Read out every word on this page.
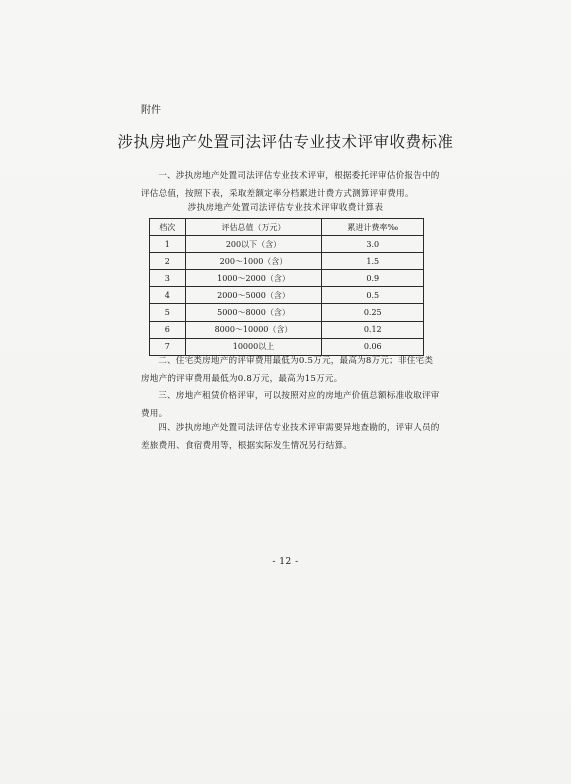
附件
涉执房地产处置司法评估专业技术评审收费标准
一、涉执房地产处置司法评估专业技术评审，根据委托评审估价报告中的评估总值，按照下表，采取差额定率分档累进计费方式测算评审费用。
涉执房地产处置司法评估专业技术评审收费计算表
档次	评估总值（万元）	累进计费率‰
1	200以下（含）	3.0
2	200～1000（含）	1.5
3	1000～2000（含）	0.9
4	2000～5000（含）	0.5
5	5000～8000（含）	0.25
6	8000～10000（含）	0.12
7	10000以上	0.06
二、住宅类房地产的评审费用最低为0.5万元，最高为8万元；非住宅类房地产的评审费用最低为0.8万元，最高为15万元。
三、房地产租赁价格评审，可以按照对应的房地产价值总额标准收取评审费用。
四、涉执房地产处置司法评估专业技术评审需要异地查勘的，评审人员的差旅费用、食宿费用等，根据实际发生情况另行结算。
- 12 -
